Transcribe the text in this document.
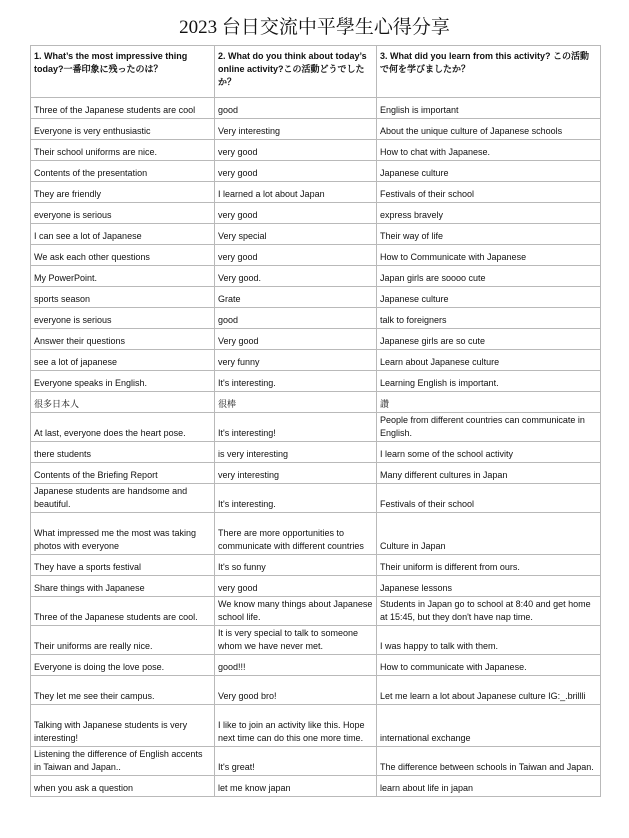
2023 台日交流中平學生心得分享
1. What’s the most impressive thing today?一番印象に残ったのは？	2. What do you think about today’s online activity?この活動どうでしたか？	3. What did you learn from this activity? この活動で何を学びましたか？
Three of the Japanese students are cool	good	English is important
Everyone is very enthusiastic	Very interesting	About the unique culture of Japanese schools
Their school uniforms are nice.	very good	How to chat with Japanese.
Contents of the presentation	very good	Japanese culture
They are friendly	I learned a lot about Japan	Festivals of their school
everyone is serious	very good	express bravely
I can see a lot of Japanese	Very special	Their way of life
We ask each other questions	very good	How to Communicate with Japanese
My PowerPoint.	Very good.	Japan girls are soooo cute
sports season	Grate	Japanese culture
everyone is serious	good	talk to foreigners
Answer their questions	Very good	Japanese girls are so cute
see a lot of japanese	very funny	Learn about Japanese culture
Everyone speaks in English.	It's interesting.	Learning English is important.
很多日本人	很棒	讚
At last, everyone does the heart pose.	It's interesting!	People from different countries can communicate in English.
there students	is very interesting	I learn some of the school activity
Contents of the Briefing Report	very interesting	Many different cultures in Japan
Japanese students are handsome and beautiful.	It's interesting.	Festivals of their school
What impressed me the most was taking photos with everyone	There are more opportunities to communicate with different countries	Culture in Japan
They have a sports festival	It's so funny	Their uniform is different from ours.
Share things with Japanese	very good	Japanese lessons
Three of the Japanese students are cool.	We know many things about Japanese school life.	Students in Japan go to school at 8:40 and get home at 15:45, but they don't have nap time.
Their uniforms are really nice.	It is very special to talk to someone whom we have never met.	I was happy to talk with them.
Everyone is doing the love pose.	good!!!	How to communicate with Japanese.
They let me see their campus.	Very good bro!	Let me learn a lot about Japanese culture IG:_.brillli
Talking with Japanese students is very interesting!	I like to join an activity like this. Hope next time can do this one more time.	international exchange
Listening the difference of English accents in Taiwan and Japan..	It's great!	The difference between schools in Taiwan and Japan.
when you ask a question	let me know japan	learn about life in japan
